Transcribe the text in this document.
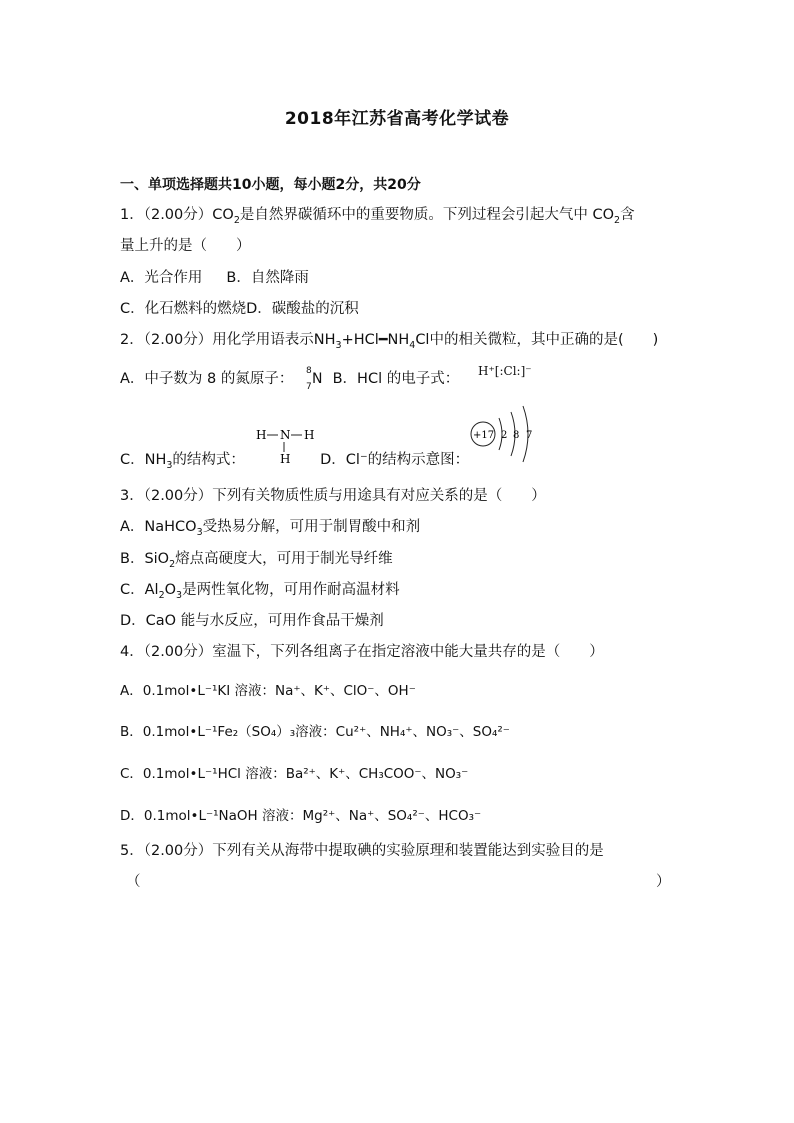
2018年江苏省高考化学试卷
一、单项选择题共10小题，每小题2分，共20分
1．（2.00分）$CO_2$是自然界碳循环中的重要物质。下列过程会引起大气中 $CO_2$含
量上升的是（　　）
A．光合作用 B．自然降雨
C．化石燃料的燃烧D．碳酸盐的沉积
2．（2.00分）用化学用语表示$NH_3+HCl━NH_4Cl$中的相关微粒，其中正确的是(　　)
A．中子数为 8 的氮原子： 8
7 N B．HCl 的电子式： H⁺[:Cl:]⁻
H N H
H
+17 2 8 7
C．$NH_3$的结构式：	D．Cl⁻的结构示意图：
3．（2.00分）下列有关物质性质与用途具有对应关系的是（　　）
A．NaHCO$_3$受热易分解，可用于制胃酸中和剂
B．SiO$_2$熔点高硬度大，可用于制光导纤维
C．$Al_2O_3$是两性氧化物，可用作耐高温材料
D．CaO 能与水反应，可用作食品干燥剂
4．（2.00分）室温下，下列各组离子在指定溶液中能大量共存的是（　　）
A．0.1mol•L⁻¹KI 溶液：Na⁺、K⁺、ClO⁻、OH⁻
B．0.1mol•L⁻¹Fe₂（SO₄）₃溶液：Cu²⁺、NH₄⁺、NO₃⁻、SO₄²⁻
C．0.1mol•L⁻¹HCl 溶液：Ba²⁺、K⁺、CH₃COO⁻、NO₃⁻
D．0.1mol•L⁻¹NaOH 溶液：Mg²⁺、Na⁺、SO₄²⁻、HCO₃⁻
5．（2.00分）下列有关从海带中提取碘的实验原理和装置能达到实验目的是
（	）
